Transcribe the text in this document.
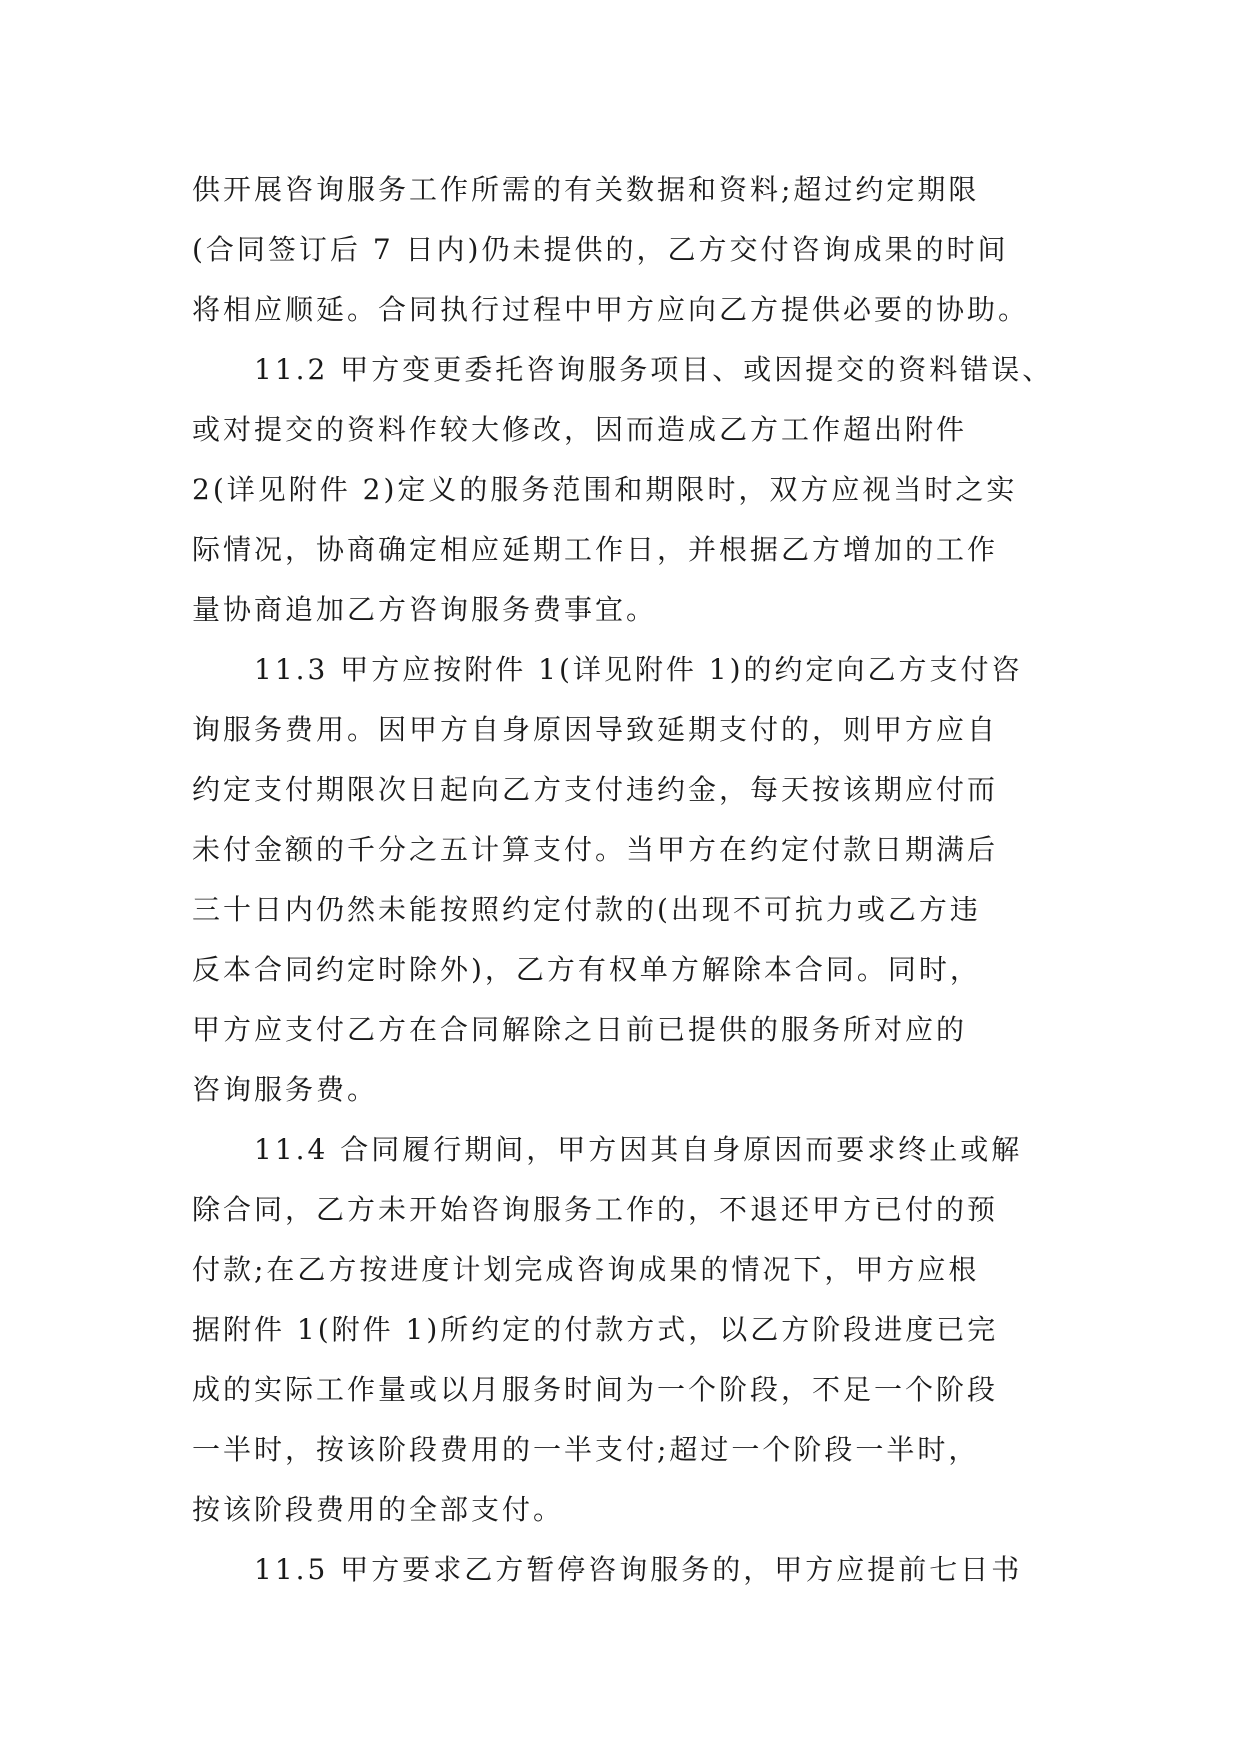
供开展咨询服务工作所需的有关数据和资料;超过约定期限
(合同签订后 7 日内)仍未提供的，乙方交付咨询成果的时间
将相应顺延。合同执行过程中甲方应向乙方提供必要的协助。
11.2 甲方变更委托咨询服务项目、或因提交的资料错误、
或对提交的资料作较大修改，因而造成乙方工作超出附件
2(详见附件 2)定义的服务范围和期限时，双方应视当时之实
际情况，协商确定相应延期工作日，并根据乙方增加的工作
量协商追加乙方咨询服务费事宜。
11.3 甲方应按附件 1(详见附件 1)的约定向乙方支付咨
询服务费用。因甲方自身原因导致延期支付的，则甲方应自
约定支付期限次日起向乙方支付违约金，每天按该期应付而
未付金额的千分之五计算支付。当甲方在约定付款日期满后
三十日内仍然未能按照约定付款的(出现不可抗力或乙方违
反本合同约定时除外)，乙方有权单方解除本合同。同时，
甲方应支付乙方在合同解除之日前已提供的服务所对应的
咨询服务费。
11.4 合同履行期间，甲方因其自身原因而要求终止或解
除合同，乙方未开始咨询服务工作的，不退还甲方已付的预
付款;在乙方按进度计划完成咨询成果的情况下，甲方应根
据附件 1(附件 1)所约定的付款方式，以乙方阶段进度已完
成的实际工作量或以月服务时间为一个阶段，不足一个阶段
一半时，按该阶段费用的一半支付;超过一个阶段一半时，
按该阶段费用的全部支付。
11.5 甲方要求乙方暂停咨询服务的，甲方应提前七日书
